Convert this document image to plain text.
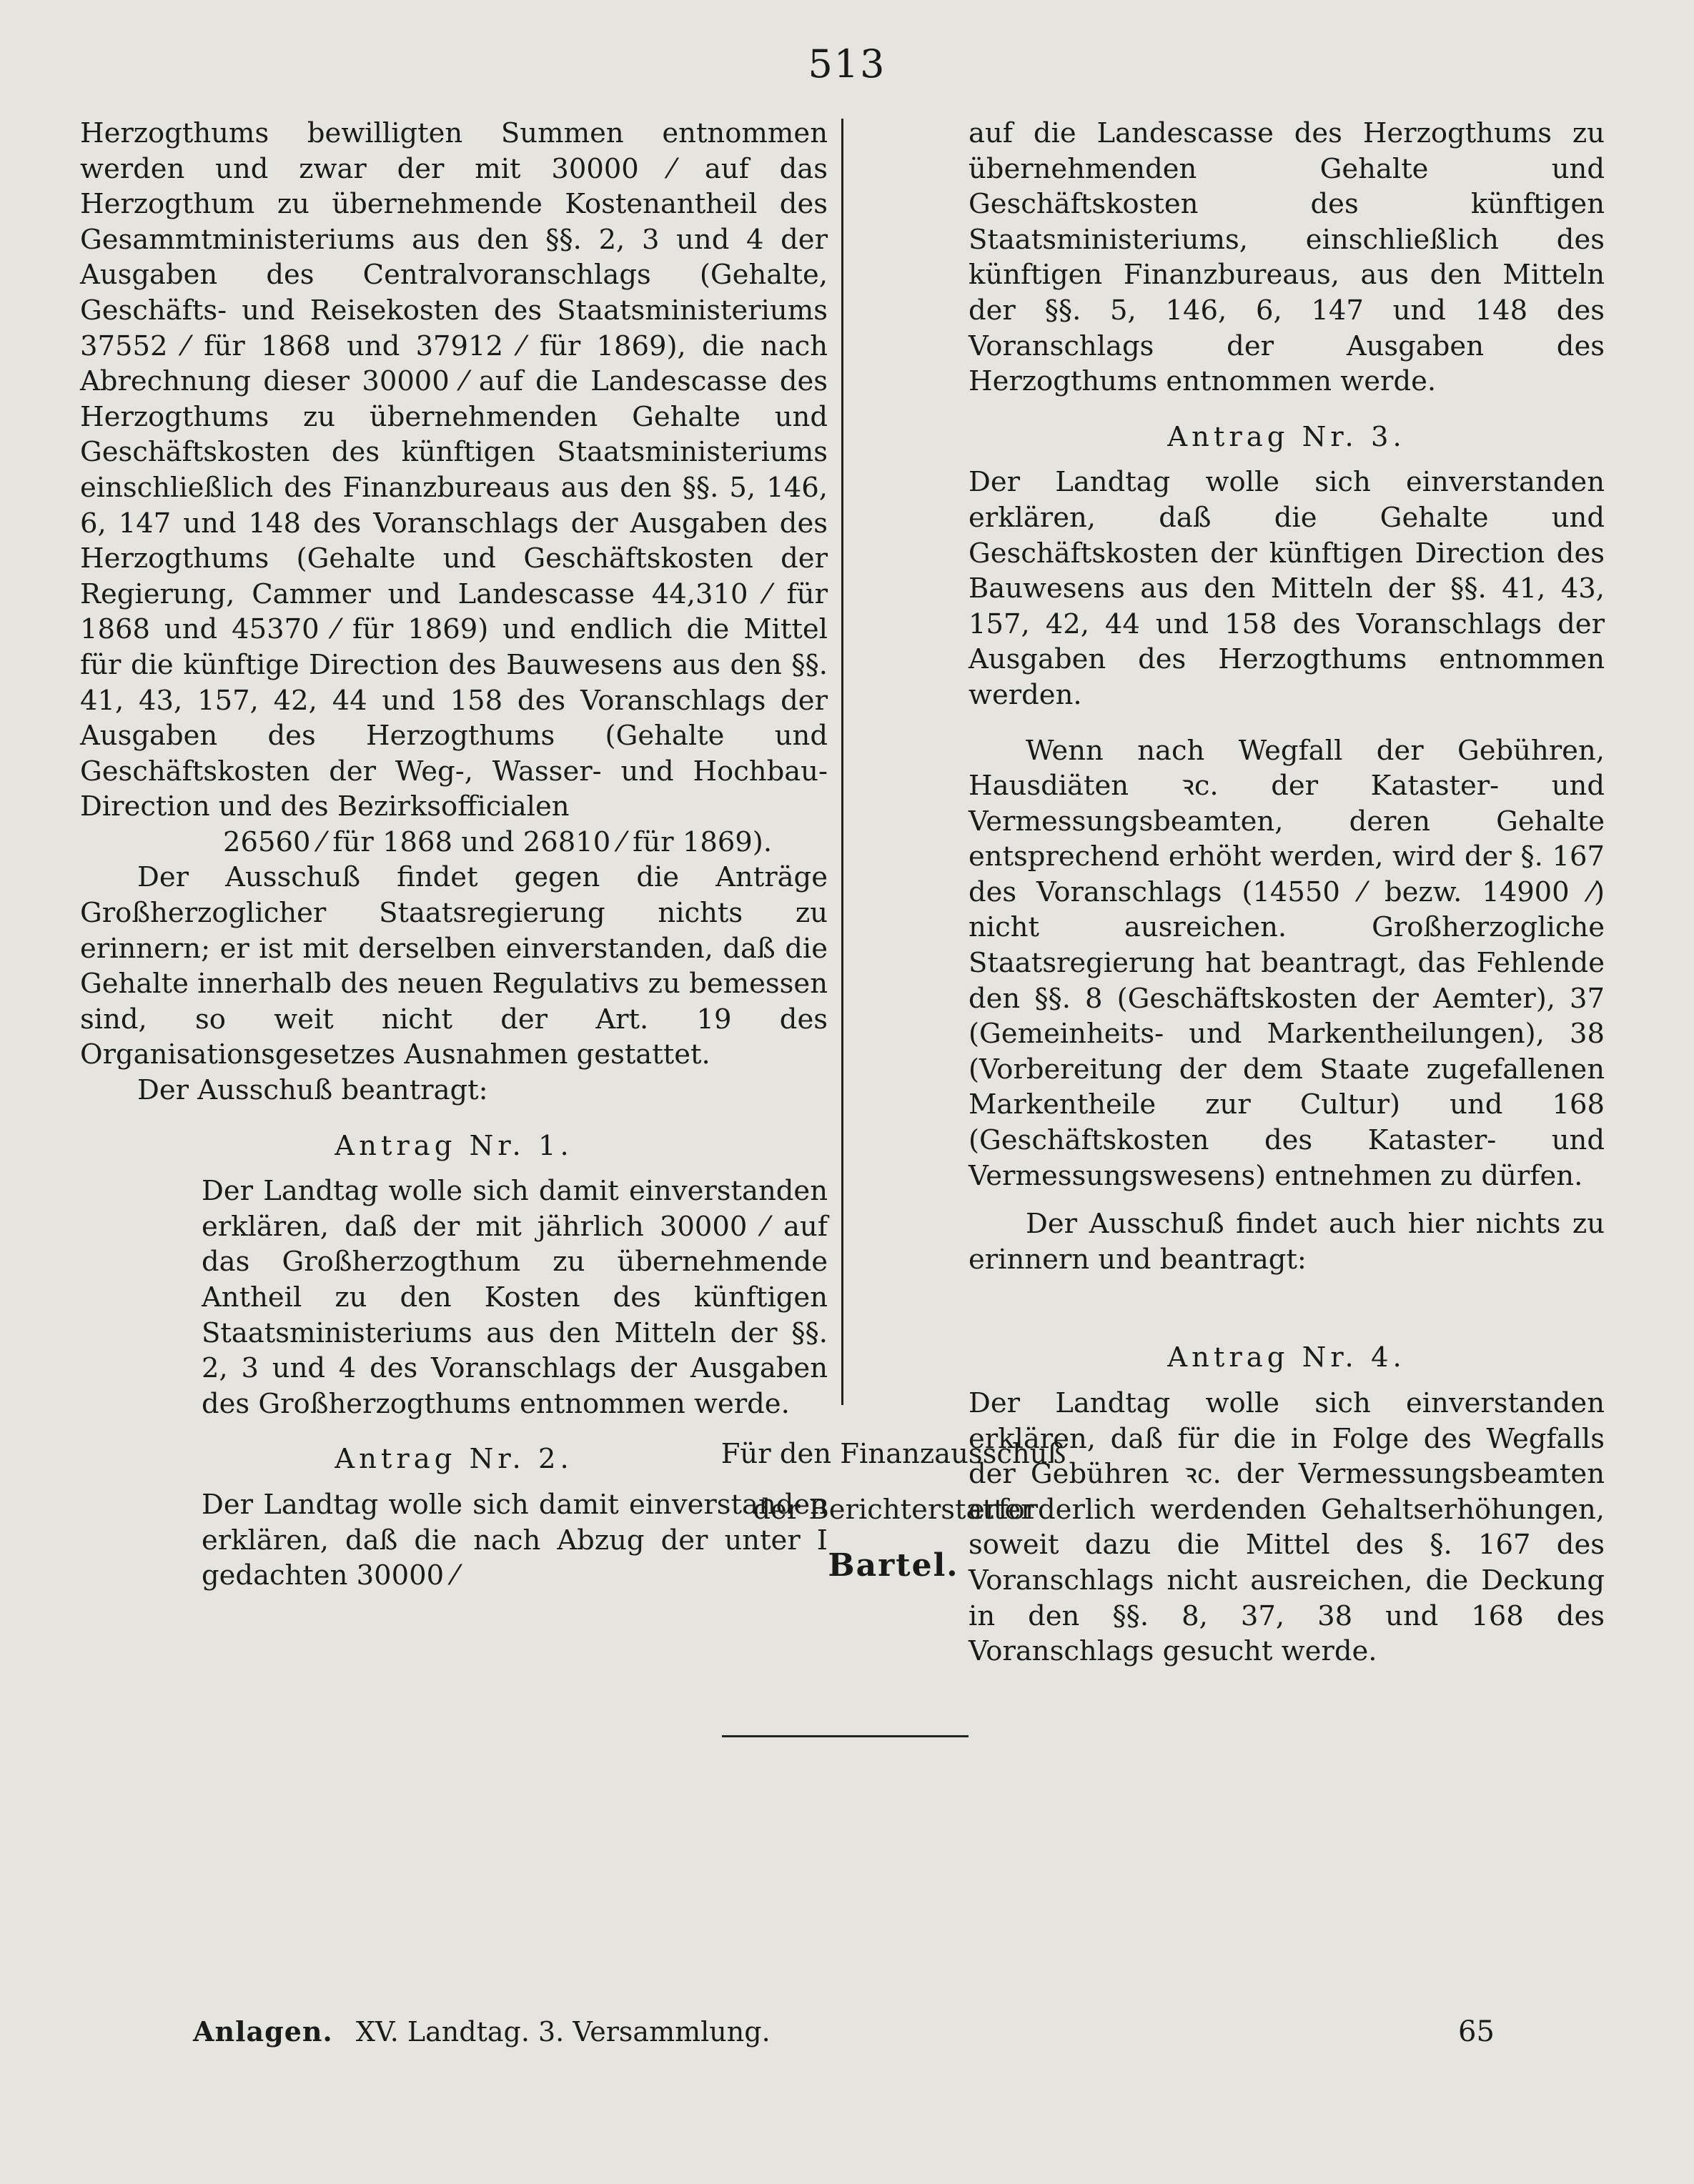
513

Herzogthums bewilligten Summen entnommen werden und zwar der mit 30000 ⁄ auf das Herzogthum zu übernehmende Kostenantheil des Gesammtministeriums aus den §§. 2, 3 und 4 der Ausgaben des Centralvoranschlags (Gehalte, Geschäfts- und Reisekosten des Staatsministeriums 37552 ⁄ für 1868 und 37912 ⁄ für 1869), die nach Abrechnung dieser 30000 ⁄ auf die Landescasse des Herzogthums zu übernehmenden Gehalte und Geschäftskosten des künftigen Staatsministeriums einschließlich des Finanzbureaus aus den §§. 5, 146, 6, 147 und 148 des Voranschlags der Ausgaben des Herzogthums (Gehalte und Geschäftskosten der Regierung, Cammer und Landescasse 44,310 ⁄ für 1868 und 45370 ⁄ für 1869) und endlich die Mittel für die künftige Direction des Bauwesens aus den §§. 41, 43, 157, 42, 44 und 158 des Voranschlags der Ausgaben des Herzogthums (Gehalte und Geschäftskosten der Weg-, Wasser- und Hochbau-Direction und des Bezirksofficialen

26560 ⁄ für 1868 und 26810 ⁄ für 1869).

Der Ausschuß findet gegen die Anträge Großherzoglicher Staatsregierung nichts zu erinnern; er ist mit derselben einverstanden, daß die Gehalte innerhalb des neuen Regulativs zu bemessen sind, so weit nicht der Art. 19 des Organisationsgesetzes Ausnahmen gestattet.

Der Ausschuß beantragt:

Antrag Nr. 1.

Der Landtag wolle sich damit einverstanden erklären, daß der mit jährlich 30000 ⁄ auf das Großherzogthum zu übernehmende Antheil zu den Kosten des künftigen Staatsministeriums aus den Mitteln der §§. 2, 3 und 4 des Voranschlags der Ausgaben des Großherzogthums entnommen werde.

Antrag Nr. 2.

Der Landtag wolle sich damit einverstanden erklären, daß die nach Abzug der unter I gedachten 30000 ⁄

auf die Landescasse des Herzogthums zu übernehmenden Gehalte und Geschäftskosten des künftigen Staatsministeriums, einschließlich des künftigen Finanzbureaus, aus den Mitteln der §§. 5, 146, 6, 147 und 148 des Voranschlags der Ausgaben des Herzogthums entnommen werde.

Antrag Nr. 3.

Der Landtag wolle sich einverstanden erklären, daß die Gehalte und Geschäftskosten der künftigen Direction des Bauwesens aus den Mitteln der §§. 41, 43, 157, 42, 44 und 158 des Voranschlags der Ausgaben des Herzogthums entnommen werden.

Wenn nach Wegfall der Gebühren, Hausdiäten ꝛc. der Kataster- und Vermessungsbeamten, deren Gehalte entsprechend erhöht werden, wird der §. 167 des Voranschlags (14550 ⁄ bezw. 14900 ⁄) nicht ausreichen. Großherzogliche Staatsregierung hat beantragt, das Fehlende den §§. 8 (Geschäftskosten der Aemter), 37 (Gemeinheits- und Markentheilungen), 38 (Vorbereitung der dem Staate zugefallenen Markentheile zur Cultur) und 168 (Geschäftskosten des Kataster- und Vermessungswesens) entnehmen zu dürfen.

Der Ausschuß findet auch hier nichts zu erinnern und beantragt:

Antrag Nr. 4.

Der Landtag wolle sich einverstanden erklären, daß für die in Folge des Wegfalls der Gebühren ꝛc. der Vermessungsbeamten erforderlich werdenden Gehaltserhöhungen, soweit dazu die Mittel des §. 167 des Voranschlags nicht ausreichen, die Deckung in den §§. 8, 37, 38 und 168 des Voranschlags gesucht werde.

Für den Finanzausschuß
der Berichterstatter
Bartel.
Anlagen. XV. Landtag. 3. Versammlung.	65
